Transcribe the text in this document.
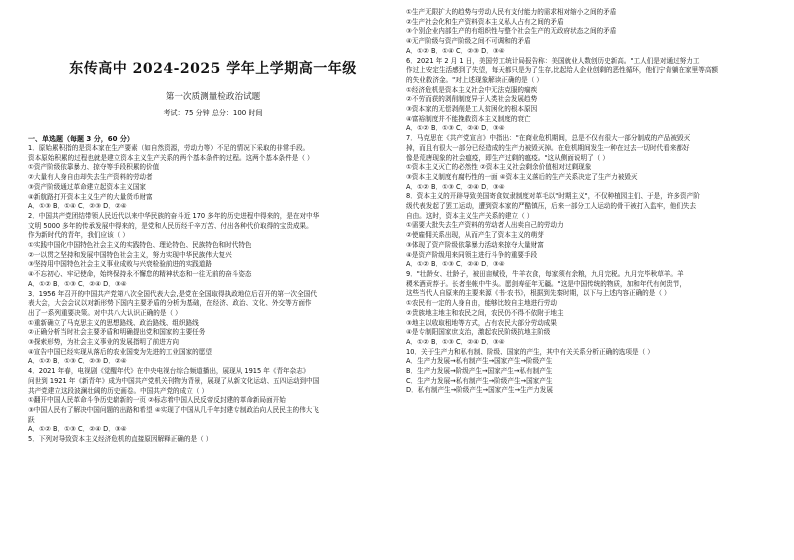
东传高中 2024-2025 学年上学期高一年级
第一次质测量检政治试题
考试：75 分钟 总分：100 时间
一、单选题（每题 3 分，60 分）
1．原始累积指的是资本家在生产要素（如自然资源，劳动力等）不足的情况下采取的非常手段。
资本原始积累的过程也就是建立资本主义生产关系的两个基本条件的过程。这两个基本条件是（ ）
①资产阶级依靠暴力、掠夺等手段积累的价值
②大量有人身自由却失去生产资料的劳动者
③资产阶级通过革命建立起资本主义国家
④新航路打开资本主义生产的大量货币财富
A．①③ B．①④ C．②③ D．②④
2．中国共产党团结带领人民近代以来中华民族的奋斗近 170 多年的历史进程中得来的，是在对中华
文明 5000 多年的传承发展中得来的，是党和人民历经千辛万苦、付出各种代价取得的宝贵成果。
作为新时代的青年，我们应该（ ）
①实践中国化中国特色社会主义的实践特色、理论特色、民族特色和时代特色
②一以贯之坚持和发展中国特色社会主义，努力实现中华民族伟大复兴
③坚持用中国特色社会主义事业成败与兴衰检验前进的实践道路
④不忘初心、牢记使命，始终保持永不懈怠的精神状态和一往无前的奋斗姿态
A．①② B．①③ C．②④ D．③④
3．1956 年召开的中国共产党第八次全国代表大会,是党在全国取得执政地位后召开的第一次全国代
表大会，大会会议以对新形势下国内主要矛盾的分析为基础，在经济、政治、文化、外交等方面作
出了一系列重要决策。对中共八大认识正确的是（ ）
①重新确立了马克思主义的思想路线、政治路线、组织路线
②正确分析当时社会主要矛盾和明确提出党和国家的主要任务
③探索形势，为社会主义事业的发展指明了前进方向
④宣告中国已经实现从落后的农业国变为先进的工业国家的愿望
A．①② B．①③ C．②③ D．②④
4．2021 年春，电视剧《觉醒年代》在中央电视台综合频道播出，展现从 1915 年《青年杂志》
问世到 1921 年《新青年》成为中国共产党机关刊物为背景，展现了从新文化运动、五四运动到中国
共产党建立这段波澜壮阔的历史画卷。中国共产党的成立（ ）
①翻开中国人民革命斗争历史崭新的一页 ②标志着中国人民反帝反封建的革命新局面开始
③中国人民有了解决中国问题的出路和希望 ④实现了中国从几千年封建专制政治向人民民主的伟大飞
跃
A．①② B．①③ C．②④ D．③④
5．下列对导致资本主义经济危机的直接原因解释正确的是（ ）
①生产无限扩大的趋势与劳动人民有支付能力的需求相对缩小之间的矛盾
②生产社会化和生产资料资本主义私人占有之间的矛盾
③个别企业内部生产的有组织性与整个社会生产的无政府状态之间的矛盾
④无产阶级与资产阶级之间不可调和的矛盾
A．①② B．①④ C．②③ D．③④
6．2021 年 2 月 1 日，美国劳工统计局报告称：美国就业人数创历史新高。"工人们是对通过努力工
作过上安定生活感到了失望，每天都只是为了生存,比起给人企业创剩的恶性循环，他们宁肯躺在家里等高额
的失业救济金。"对上述现象解读正确的是（ ）
①经济危机是资本主义社会中无法克服的痼疾
②不劳而获的剥削制度异于人类社会发展趋势
③资本家的无偿剥削是工人贫困化的根本原因
④富裕制度并不能挽救资本主义制度的衰亡
A．①② B．①③ C．②④ D．③④
7．马克思在《共产党宣言》中指出："在商业危机期间，总是不仅有很大一部分制成的产品被毁灭
掉，而且有很大一部分已经造成的生产力被毁灭掉。在危机期间发生一种在过去一切时代看来都好
像是荒唐现象的社会瘟疫，即生产过剩的瘟疫。"这从侧面说明了（ ）
①资本主义灭亡的必然性 ②资本主义社会剩余价值相对过剩现象
③资本主义制度有腐朽性的一面 ④资本主义落后的生产关系决定了生产力被毁灭
A．①② B．①③ C．②④ D．③④
8．资本主义的开辟导致美国寄食奴隶制度对革毛以"时期主义"，不仅种植园主们、于是，许多资产阶
级代表发起了罢工运动，遭到资本家的严酷镇压，后来一部分工人运动的骨干被打入监牢，他们失去
自由。这时，资本主义生产关系的建立（ ）
①需要大批失去生产资料的劳动者人出卖自己的劳动力
②使雇佣关系出现，从而产生了资本主义的萌芽
③体现了资产阶级依靠暴力活动来掠夺大量财富
④是资产阶级用来同领主进行斗争的重要手段
A．①② B．①③ C．②④ D．③④
9．"壮龄女、壮龄子，被田亩赋役，牛羊衣食，每家须有余粮，九月完税。九月完毕秋草羊。羊
稷米酒贡荐于。长者坐帐中牛头。愿剑寿征年无疆。"这是中国传统的物质，加和年代有何贵节，
这些当代人自原来的主要来源《书·农书》，根据到先秦时期，以下与上述内容正确的是（ ）
①农民有一定的人身自由，能够比较自主地进行劳动
②贵族地主地主和农民之间，农民仍不得不依附于地主
③地主以收取租地等方式，占有农民大部分劳动成果
④是专制阳国家庶支治，激起农民阶级抗地主阶级
A．①② B．①③ C．②④ D．③④
10．关于生产力和私有制、阶级、国家的产生，其中有关关系分析正确的选项是（ ）
A．生产力发展→私有制产生→国家产生→阶级产生
B．生产力发展→阶级产生→国家产生→私有制产生
C．生产力发展→私有制产生→阶级产生→国家产生
D．私有制产生→阶级产生→国家产生→生产力发展
